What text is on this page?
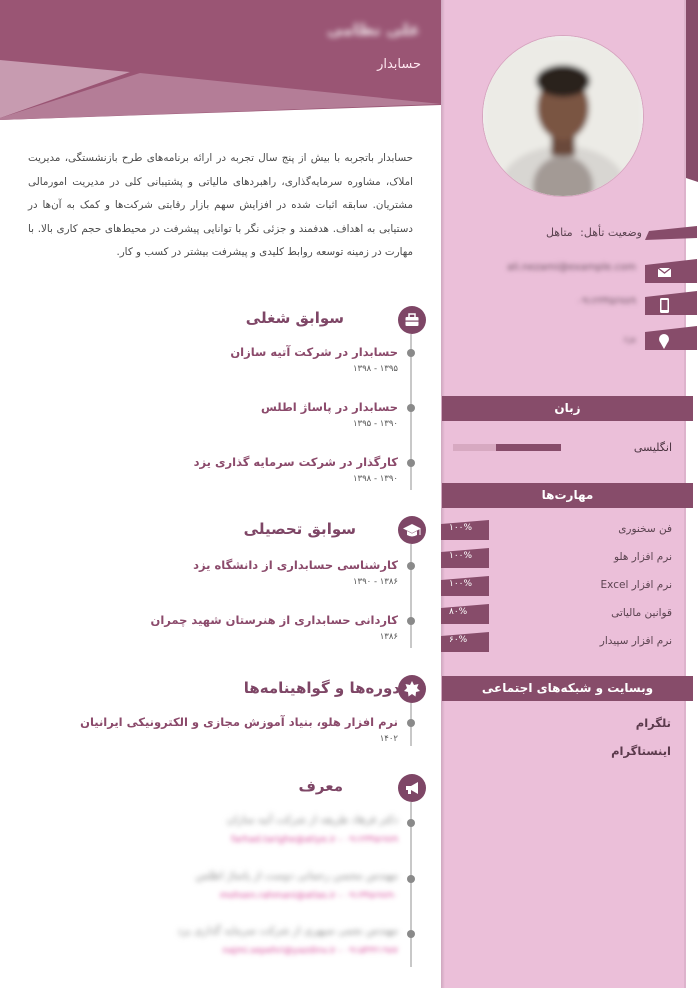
علی نظامی
حسابدار
وضعیت تأهل: متاهل
ali.nezami@example.com
۰۹۱۲۳۴۵۶۷۸۹
یزد
زبان
انگلیسی
مهارت‌ها
۱۰۰%	فن سخنوری
۱۰۰%	نرم افزار هلو
۱۰۰%	نرم افزار Excel
۸۰%	قوانین مالیاتی
۶۰%	نرم افزار سپیدار
وبسایت و شبکه‌های اجتماعی
تلگرام
اینستاگرام
حسابدار باتجربه با بیش از پنج سال تجربه در ارائه برنامه‌های طرح بازنشستگی، مدیریت املاک، مشاوره سرمایه‌گذاری، راهبردهای مالیاتی و پشتیبانی کلی در مدیریت امورمالی مشتریان. سابقه اثبات شده در افزایش سهم بازار رقابتی شرکت‌ها و کمک به آن‌ها در دستیابی به اهداف. هدفمند و جزئی نگر با توانایی پیشرفت در محیط‌های حجم کاری بالا. با مهارت در زمینه توسعه روابط کلیدی و پیشرفت بیشتر در کسب و کار.
سوابق شغلی
حسابدار در شرکت آتیه سازان
۱۳۹۵ - ۱۳۹۸
حسابدار در پاساژ اطلس
۱۳۹۰ - ۱۳۹۵
کارگذار در شرکت سرمایه گذاری یزد
۱۳۹۰ - ۱۳۹۸
سوابق تحصیلی
کارشناسی حسابداری از دانشگاه یزد
۱۳۸۶ - ۱۳۹۰
کاردانی حسابداری از هنرستان شهید چمران
۱۳۸۶
دوره‌ها و گواهینامه‌ها
نرم افزار هلو، بنیاد آموزش مجازی و الکترونیکی ایرانیان
۱۴۰۲
معرف
دکتر فرهاد طریقه از شرکت آتیه سازان
farhad.tarighe@atiye.ir - ۰۹۱۲۳۴۵۶۷۸۹
مهندس محسن رحمانی دوست از پاساژ اطلس
mohsen.rahmani@atlas.ir - ۰۹۱۳۴۵۶۷۸۹۰
مهندس نجمی سپهری از شرکت سرمایه گذاری یزد
najmi.sepehri@yazdinv.ir - ۰۹۱۵۴۳۲۱۹۸۷
